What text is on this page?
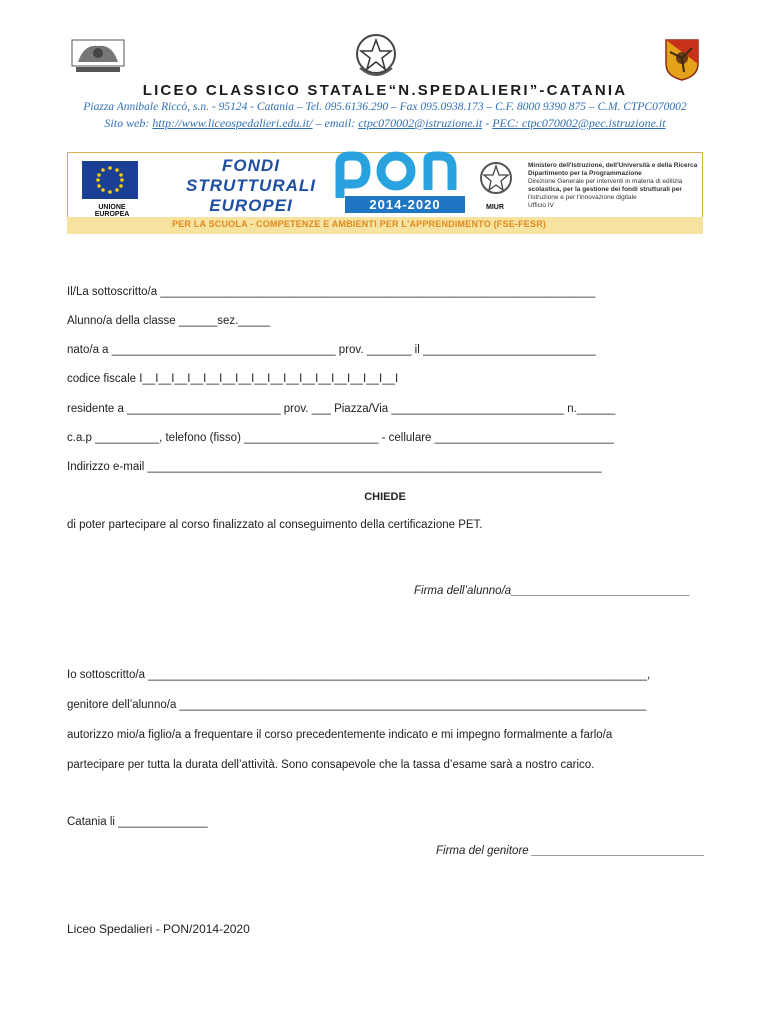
LICEO CLASSICO STATALE“N.SPEDALIERI”-CATANIA
Piazza Annibale Riccò, s.n. - 95124 - Catania – Tel. 095.6136.290 – Fax 095.0938.173 – C.F. 8000 9390 875 – C.M. CTPC070002
Sito web: http://www.liceospedalieri.edu.it/ – email: ctpc070002@istruzione.it - PEC: ctpc070002@pec.istruzione.it
PER LA SCUOLA - COMPETENZE E AMBIENTI PER L'APPRENDIMENTO (FSE-FESR)
UNIONE EUROPEA
FONDI
STRUTTURALI
EUROPEI	2014-2020	MIUR
Ministero dell'Istruzione, dell'Università e della Ricerca
Dipartimento per la Programmazione
Direzione Generale per interventi in materia di edilizia
scolastica, per la gestione dei fondi strutturali per
l'istruzione e per l'innovazione digitale
Ufficio IV
Il/La sottoscritto/a ____________________________________________________________________
Alunno/a della classe ______sez._____
nato/a a ___________________________________ prov. _______ il ___________________________
codice fiscale I__I__I__I__I__I__I__I__I__I__I__I__I__I__I__I__I
residente a ________________________ prov. ___ Piazza/Via ___________________________ n.______
c.a.p __________, telefono (fisso) _____________________ - cellulare ____________________________
Indirizzo e-mail _______________________________________________________________________
CHIEDE
di poter partecipare al corso finalizzato al conseguimento della certificazione PET.
Firma dell’alunno/a____________________________
Io sottoscritto/a ______________________________________________________________________________,
genitore dell’alunno/a _________________________________________________________________________
autorizzo mio/a figlio/a a frequentare il corso precedentemente indicato e mi impegno formalmente a farlo/a
partecipare per tutta la durata dell’attività. Sono consapevole che la tassa d’esame sarà a nostro carico.
Catania li ______________
Firma del genitore ___________________________
Liceo Spedalieri - PON/2014-2020
